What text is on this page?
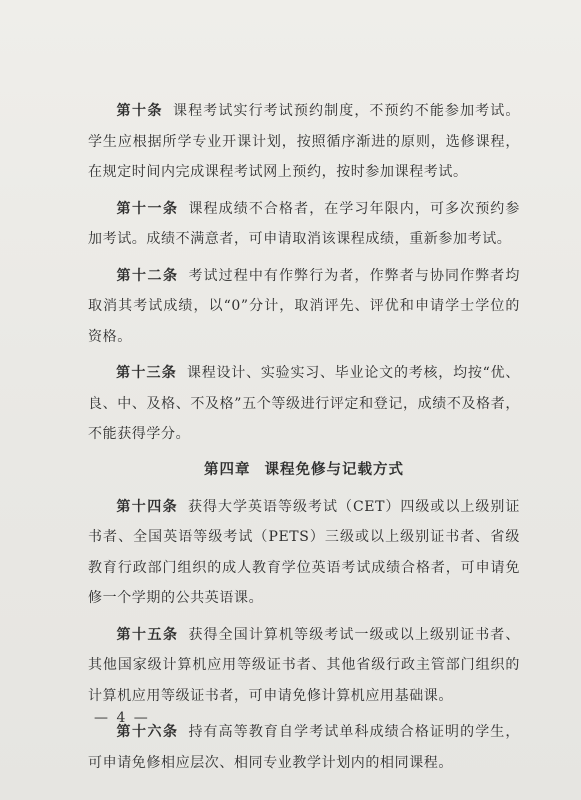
第十条 课程考试实行考试预约制度，不预约不能参加考试。学生应根据所学专业开课计划，按照循序渐进的原则，选修课程，在规定时间内完成课程考试网上预约，按时参加课程考试。

第十一条 课程成绩不合格者，在学习年限内，可多次预约参加考试。成绩不满意者，可申请取消该课程成绩，重新参加考试。

第十二条 考试过程中有作弊行为者，作弊者与协同作弊者均取消其考试成绩，以“0”分计，取消评先、评优和申请学士学位的资格。

第十三条 课程设计、实验实习、毕业论文的考核，均按“优、良、中、及格、不及格”五个等级进行评定和登记，成绩不及格者，不能获得学分。

第四章 课程免修与记载方式

第十四条 获得大学英语等级考试（CET）四级或以上级别证书者、全国英语等级考试（PETS）三级或以上级别证书者、省级教育行政部门组织的成人教育学位英语考试成绩合格者，可申请免修一个学期的公共英语课。

第十五条 获得全国计算机等级考试一级或以上级别证书者、其他国家级计算机应用等级证书者、其他省级行政主管部门组织的计算机应用等级证书者，可申请免修计算机应用基础课。

第十六条 持有高等教育自学考试单科成绩合格证明的学生，可申请免修相应层次、相同专业教学计划内的相同课程。

— 4 —
